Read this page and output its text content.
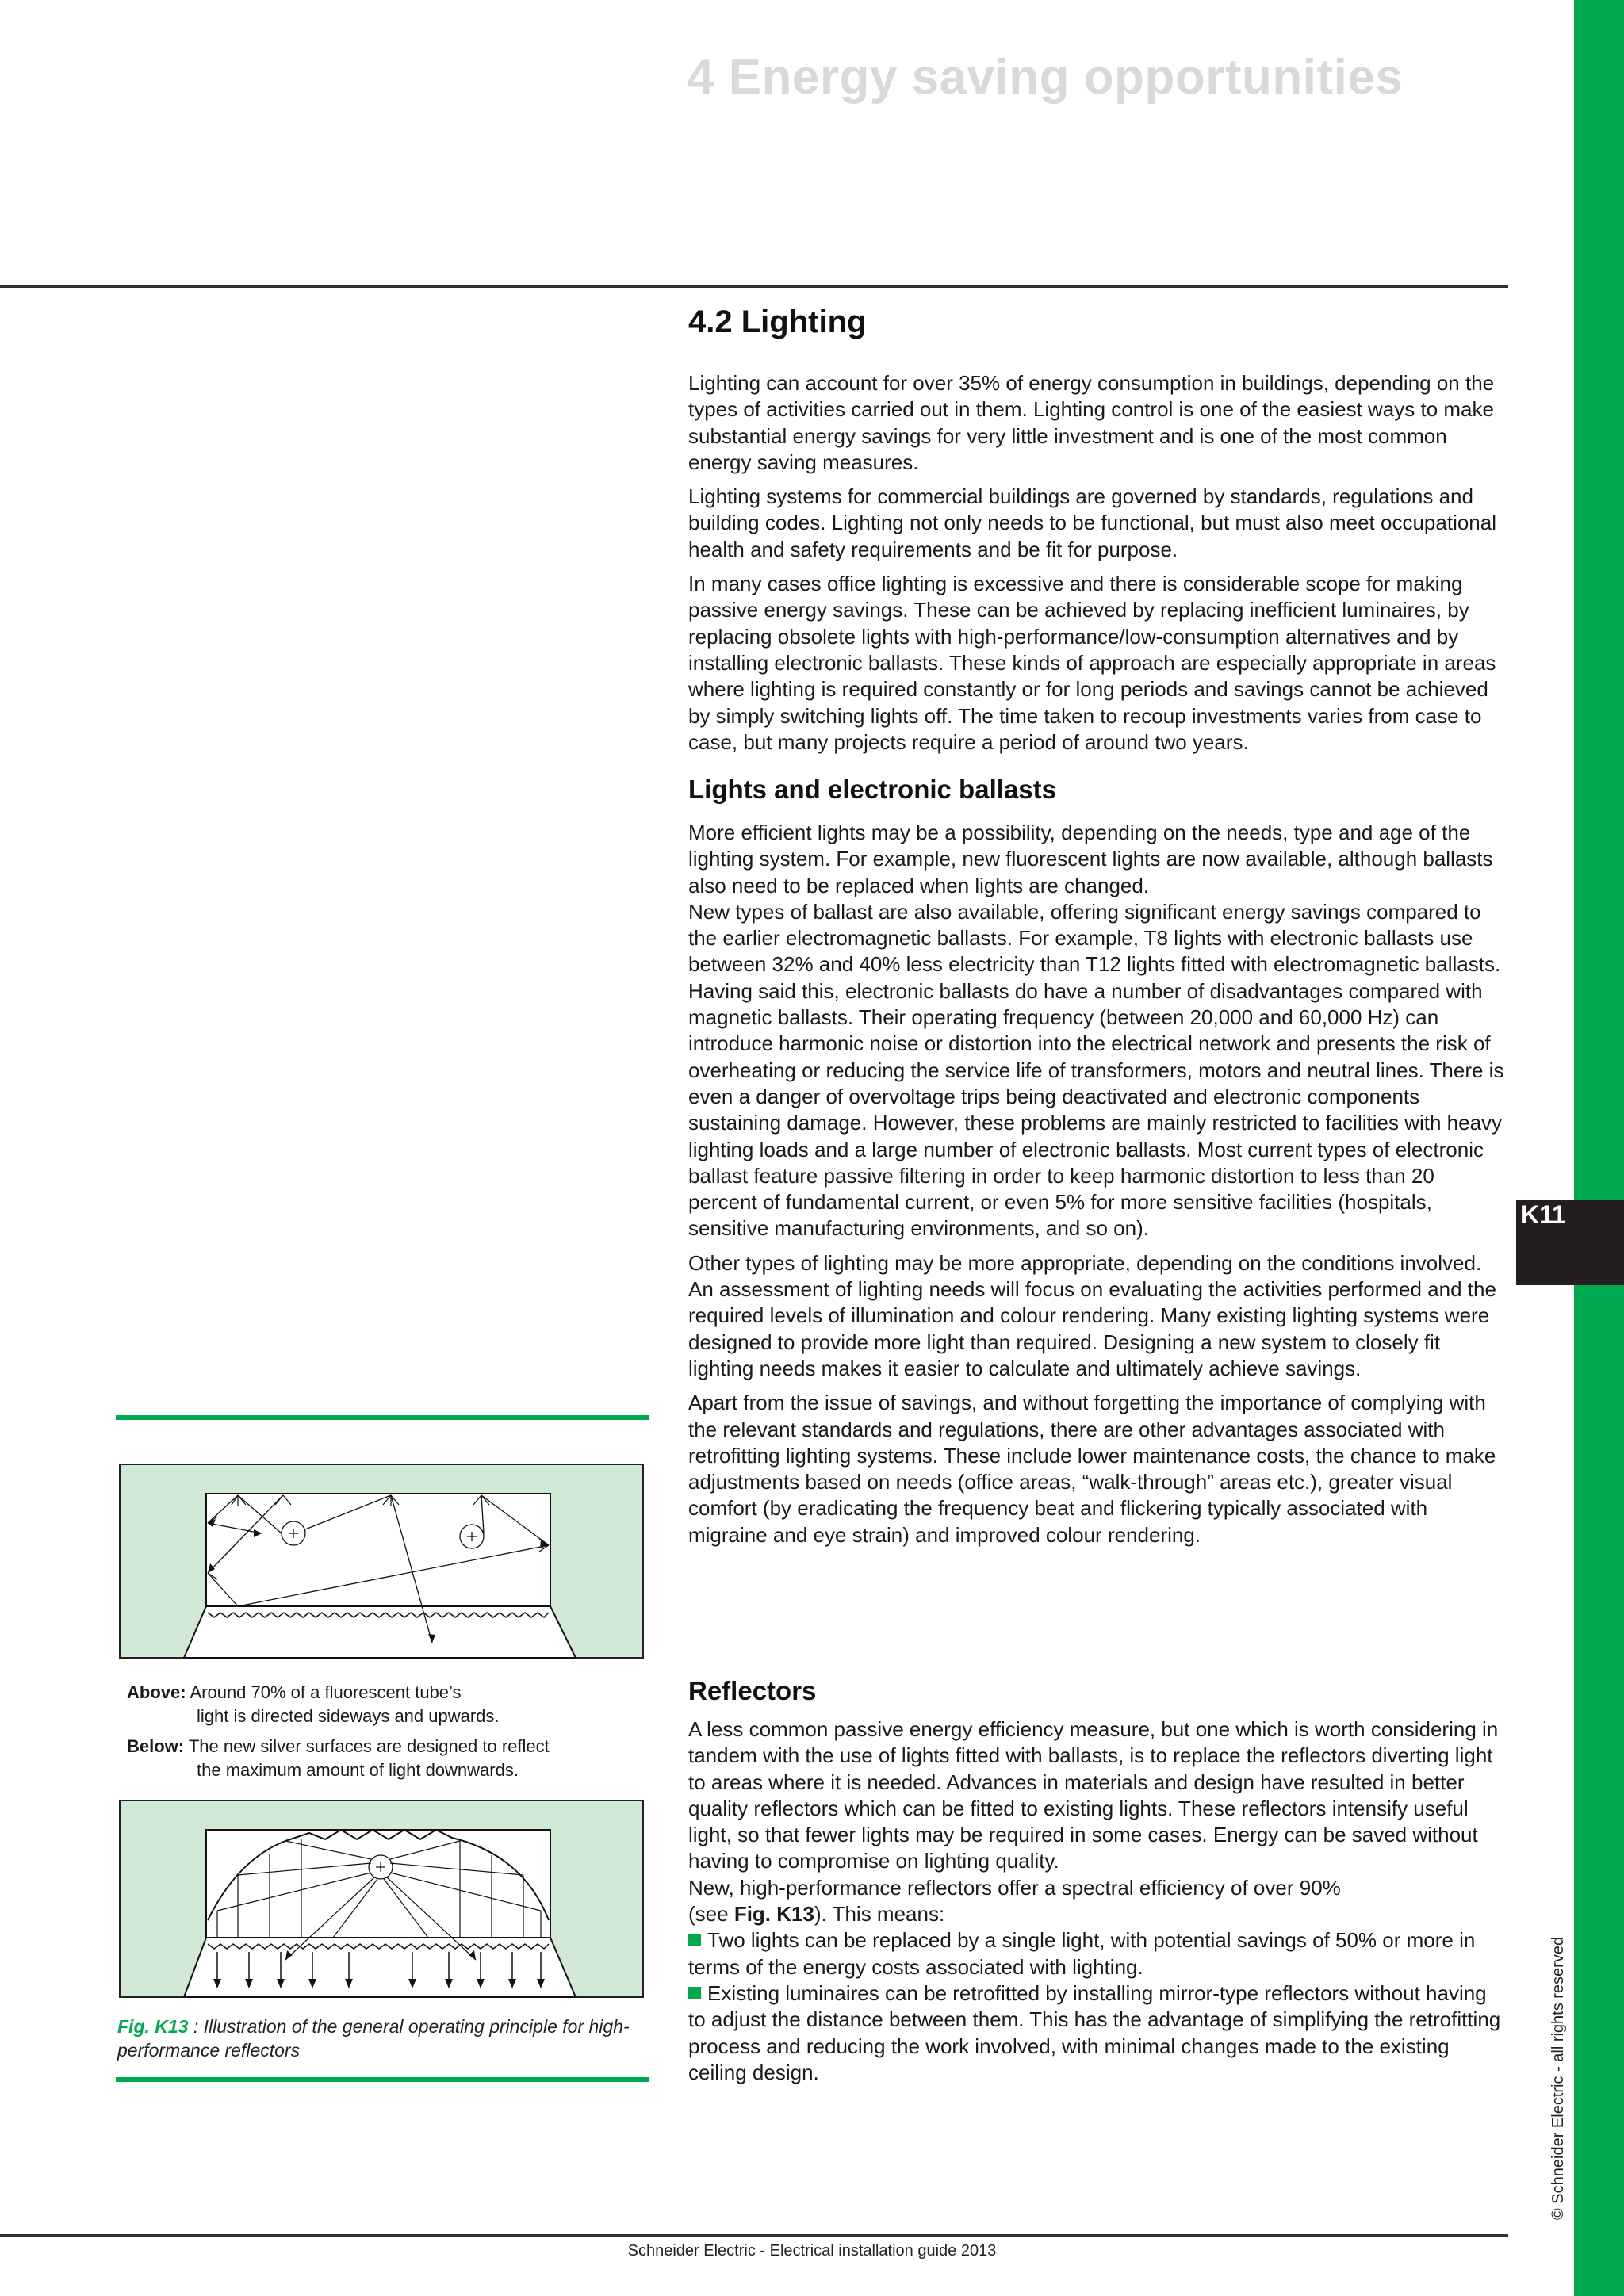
K11
© Schneider Electric - all rights reserved
4 Energy saving opportunities
4.2 Lighting

Lighting can account for over 35% of energy consumption in buildings, depending on the types of activities carried out in them. Lighting control is one of the easiest ways to make substantial energy savings for very little investment and is one of the most common energy saving measures.

Lighting systems for commercial buildings are governed by standards, regulations and building codes. Lighting not only needs to be functional, but must also meet occupational health and safety requirements and be fit for purpose.

In many cases office lighting is excessive and there is considerable scope for making passive energy savings. These can be achieved by replacing inefficient luminaires, by replacing obsolete lights with high-performance/low-consumption alternatives and by installing electronic ballasts. These kinds of approach are especially appropriate in areas where lighting is required constantly or for long periods and savings cannot be achieved by simply switching lights off. The time taken to recoup investments varies from case to case, but many projects require a period of around two years.

Lights and electronic ballasts

More efficient lights may be a possibility, depending on the needs, type and age of the lighting system. For example, new fluorescent lights are now available, although ballasts also need to be replaced when lights are changed.

New types of ballast are also available, offering significant energy savings compared to the earlier electromagnetic ballasts. For example, T8 lights with electronic ballasts use between 32% and 40% less electricity than T12 lights fitted with electromagnetic ballasts.

Having said this, electronic ballasts do have a number of disadvantages compared with magnetic ballasts. Their operating frequency (between 20,000 and 60,000 Hz) can introduce harmonic noise or distortion into the electrical network and presents the risk of overheating or reducing the service life of transformers, motors and neutral lines. There is even a danger of overvoltage trips being deactivated and electronic components sustaining damage. However, these problems are mainly restricted to facilities with heavy lighting loads and a large number of electronic ballasts. Most current types of electronic ballast feature passive filtering in order to keep harmonic distortion to less than 20 percent of fundamental current, or even 5% for more sensitive facilities (hospitals, sensitive manufacturing environments, and so on).

Other types of lighting may be more appropriate, depending on the conditions involved. An assessment of lighting needs will focus on evaluating the activities performed and the required levels of illumination and colour rendering. Many existing lighting systems were designed to provide more light than required. Designing a new system to closely fit lighting needs makes it easier to calculate and ultimately achieve savings.

Apart from the issue of savings, and without forgetting the importance of complying with the relevant standards and regulations, there are other advantages associated with retrofitting lighting systems. These include lower maintenance costs, the chance to make adjustments based on needs (office areas, “walk-through” areas etc.), greater visual comfort (by eradicating the frequency beat and flickering typically associated with migraine and eye strain) and improved colour rendering.

Reflectors

A less common passive energy efficiency measure, but one which is worth considering in tandem with the use of lights fitted with ballasts, is to replace the reflectors diverting light to areas where it is needed. Advances in materials and design have resulted in better quality reflectors which can be fitted to existing lights. These reflectors intensify useful light, so that fewer lights may be required in some cases. Energy can be saved without having to compromise on lighting quality.

New, high-performance reflectors offer a spectral efficiency of over 90%
(see Fig. K13). This means:

Two lights can be replaced by a single light, with potential savings of 50% or more in terms of the energy costs associated with lighting.

Existing luminaires can be retrofitted by installing mirror-type reflectors without having to adjust the distance between them. This has the advantage of simplifying the retrofitting process and reducing the work involved, with minimal changes made to the existing ceiling design.

Above: Around 70% of a fluorescent tube’s
light is directed sideways and upwards.
Below: The new silver surfaces are designed to reflect
the maximum amount of light downwards.
Fig. K13 : Illustration of the general operating principle for high-performance reflectors
Schneider Electric - Electrical installation guide 2013
